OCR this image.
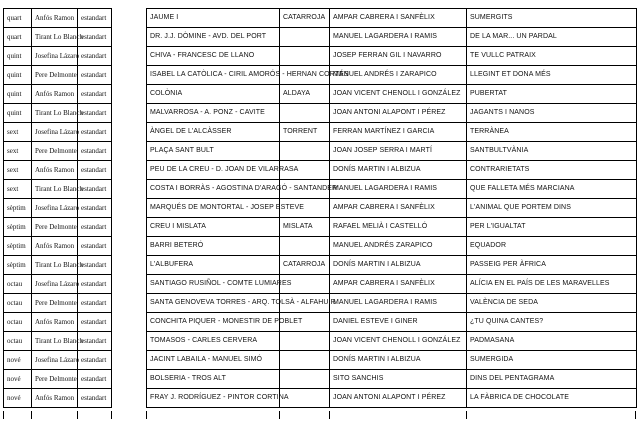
quart	Anfós Ramon	estandart		JAUME I	CATARROJA	AMPAR CABRERA I SANFÈLIX	SUMERGITS
quart	Tirant Lo Blanch	estandart		DR. J.J. DÒMINE - AVD. DEL PORT		MANUEL LAGARDERA I RAMIS	DE LA MAR... UN PARDAL
quint	Josefina Lázaro	estandart		CHIVA - FRANCESC DE LLANO		JOSEP FERRAN GIL I NAVARRO	TE VULLC PATRAIX
quint	Pere Delmonte	estandart		ISABEL LA CATÒLICA - CIRIL AMORÓS - HERNAN CORTÉS		MANUEL ANDRÉS I ZARAPICO	LLEGINT ET DONA MÉS
quint	Anfós Ramon	estandart		COLÒNIA	ALDAYA	JOAN VICENT CHENOLL I GONZÁLEZ	PUBERTAT
quint	Tirant Lo Blanch	estandart		MALVARROSA - A. PONZ - CAVITE		JOAN ANTONI ALAPONT I PÉREZ	JAGANTS I NANOS
sext	Josefina Lázaro	estandart		ÀNGEL DE L'ALCÀSSER	TORRENT	FERRAN MARTÍNEZ I GARCIA	TERRÀNEA
sext	Pere Delmonte	estandart		PLAÇA SANT BULT		JOAN JOSEP SERRA I MARTÍ	SANTBULTVÀNIA
sext	Anfós Ramon	estandart		PEU DE LA CREU - D. JOAN DE VILARRASA		DONÍS MARTIN I ALBIZUA	CONTRARIETATS
sext	Tirant Lo Blanch	estandart		COSTA I BORRÀS - AGOSTINA D'ARAGÓ - SANTANDER		MANUEL LAGARDERA I RAMIS	QUE FALLETA MÉS MARCIANA
sèptim	Josefina Lázaro	estandart		MARQUÉS DE MONTORTAL - JOSEP ESTEVE		AMPAR CABRERA I SANFÈLIX	L'ANIMAL QUE PORTEM DINS
sèptim	Pere Delmonte	estandart		CREU I MISLATA	MISLATA	RAFAEL MELIÀ I CASTELLÓ	PER L'IGUALTAT
sèptim	Anfós Ramon	estandart		BARRI BETERÓ		MANUEL ANDRÉS ZARAPICO	EQUADOR
sèptim	Tirant Lo Blanch	estandart		L'ALBUFERA	CATARROJA	DONÍS MARTIN I ALBIZUA	PASSEIG PER ÀFRICA
octau	Josefina Lázaro	estandart		SANTIAGO RUSIÑOL - COMTE LUMIARES		AMPAR CABRERA I SANFÈLIX	ALÍCIA EN EL PAÍS DE LES MARAVELLES
octau	Pere Delmonte	estandart		SANTA GENOVEVA TORRES - ARQ. TOLSÀ - ALFAHUIR		MANUEL LAGARDERA I RAMIS	VALÈNCIA DE SEDA
octau	Anfós Ramon	estandart		CONCHITA PIQUER - MONESTIR DE POBLET		DANIEL ESTEVE I GINER	¿TU QUINA CANTES?
octau	Tirant Lo Blanch	estandart		TOMASOS - CARLES CERVERA		JOAN VICENT CHENOLL I GONZÁLEZ	PADMASANA
nové	Josefina Lázaro	estandart		JACINT LABAILA - MANUEL SIMÓ		DONÍS MARTIN I ALBIZUA	SUMERGIDA
nové	Pere Delmonte	estandart		BOLSERIA - TROS ALT		SITO SANCHIS	DINS DEL PENTAGRAMA
nové	Anfós Ramon	estandart		FRAY J. RODRÍGUEZ - PINTOR CORTINA		JOAN ANTONI ALAPONT I PÉREZ	LA FÀBRICA DE CHOCOLATE
